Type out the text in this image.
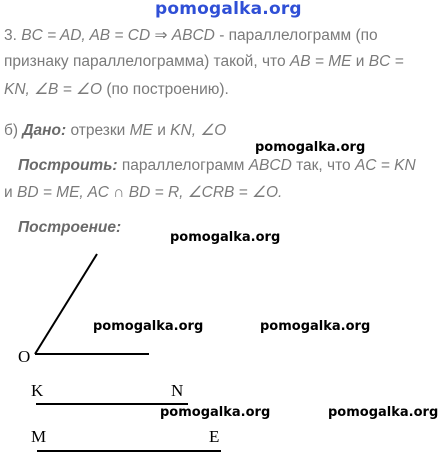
pomogalka.org
pomogalka.org
pomogalka.org
pomogalka.org	pomogalka.org
pomogalka.org	pomogalka.org
3. BC = AD, AB = CD ⇒ ABCD - параллелограмм (по
признаку параллелограмма) такой, что AB = ME и BC =
KN, ∠B = ∠O (по построению).
б) Дано: отрезки ME и KN, ∠O
Построить: параллелограмм ABCD так, что AC = KN
и BD = ME, AC ∩ BD = R, ∠CRB = ∠O.
Построение:
O
K	N
M	E
